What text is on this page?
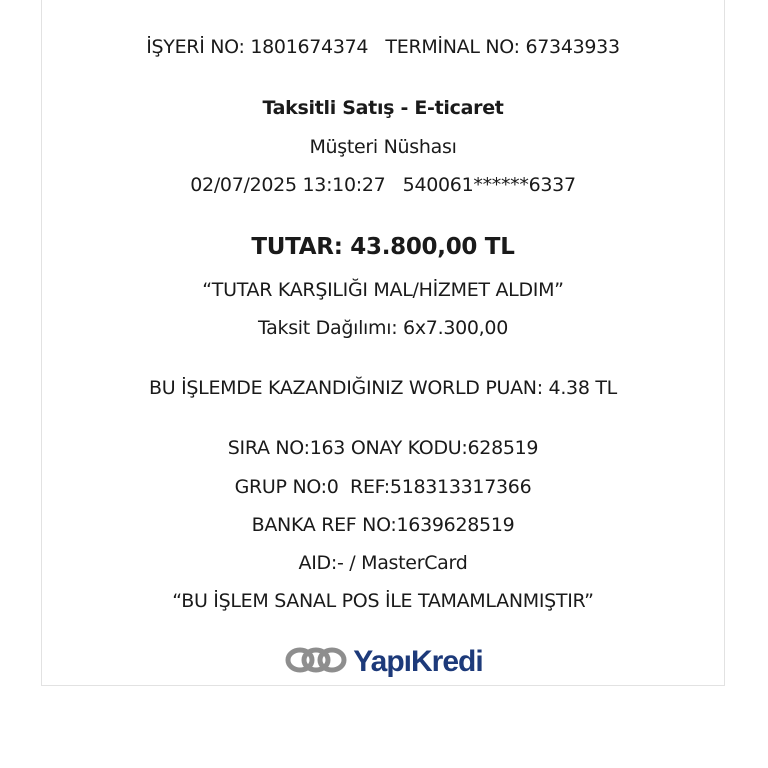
İŞYERİ NO: 1801674374   TERMİNAL NO: 67343933
Taksitli Satış - E-ticaret
Müşteri Nüshası
02/07/2025 13:10:27   540061******6337
TUTAR: 43.800,00 TL
“TUTAR KARŞILIĞI MAL/HİZMET ALDIM”
Taksit Dağılımı: 6x7.300,00
BU İŞLEMDE KAZANDIĞINIZ WORLD PUAN: 4.38 TL
SIRA NO:163 ONAY KODU:628519
GRUP NO:0  REF:518313317366
BANKA REF NO:1639628519
AID:- / MasterCard
“BU İŞLEM SANAL POS İLE TAMAMLANMIŞTIR”
YapıKredi
